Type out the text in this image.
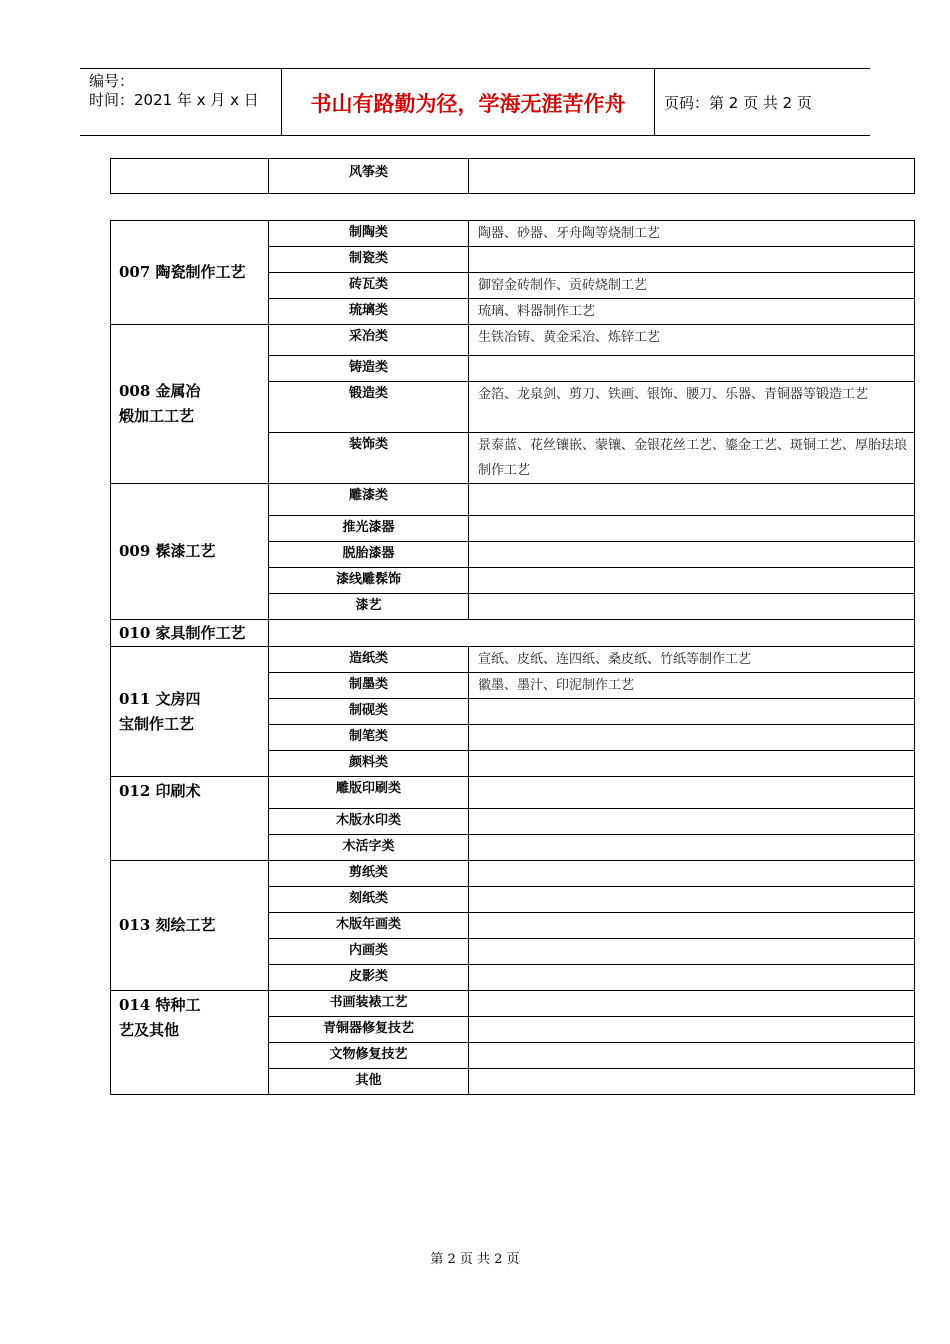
编号：
时间：2021 年 x 月 x 日	书山有路勤为径，学海无涯苦作舟	页码：第 2 页 共 2 页
	风筝类	
007 陶瓷制作工艺	制陶类	陶器、砂器、牙舟陶等烧制工艺
	制瓷类	
	砖瓦类	御窑金砖制作、贡砖烧制工艺
	琉璃类	琉璃、料器制作工艺
008 金属冶煅加工工艺	采冶类	生铁冶铸、黄金采冶、炼锌工艺
	铸造类	
	锻造类	金箔、龙泉剑、剪刀、铁画、银饰、腰刀、乐器、青铜器等锻造工艺
	装饰类	景泰蓝、花丝镶嵌、蒙镶、金银花丝工艺、鎏金工艺、斑铜工艺、厚胎珐琅制作工艺
009 髹漆工艺	雕漆类	
	推光漆器	
	脱胎漆器	
	漆线雕髹饰	
	漆艺	
010 家具制作工艺		
011 文房四宝制作工艺	造纸类	宣纸、皮纸、连四纸、桑皮纸、竹纸等制作工艺
	制墨类	徽墨、墨汁、印泥制作工艺
	制砚类	
	制笔类	
	颜料类	
012 印刷术	雕版印刷类	
	木版水印类	
	木活字类	
013 刻绘工艺	剪纸类	
	刻纸类	
	木版年画类	
	内画类	
	皮影类	
014 特种工艺及其他	书画装裱工艺	
	青铜器修复技艺	
	文物修复技艺	
	其他	
第 2 页 共 2 页
